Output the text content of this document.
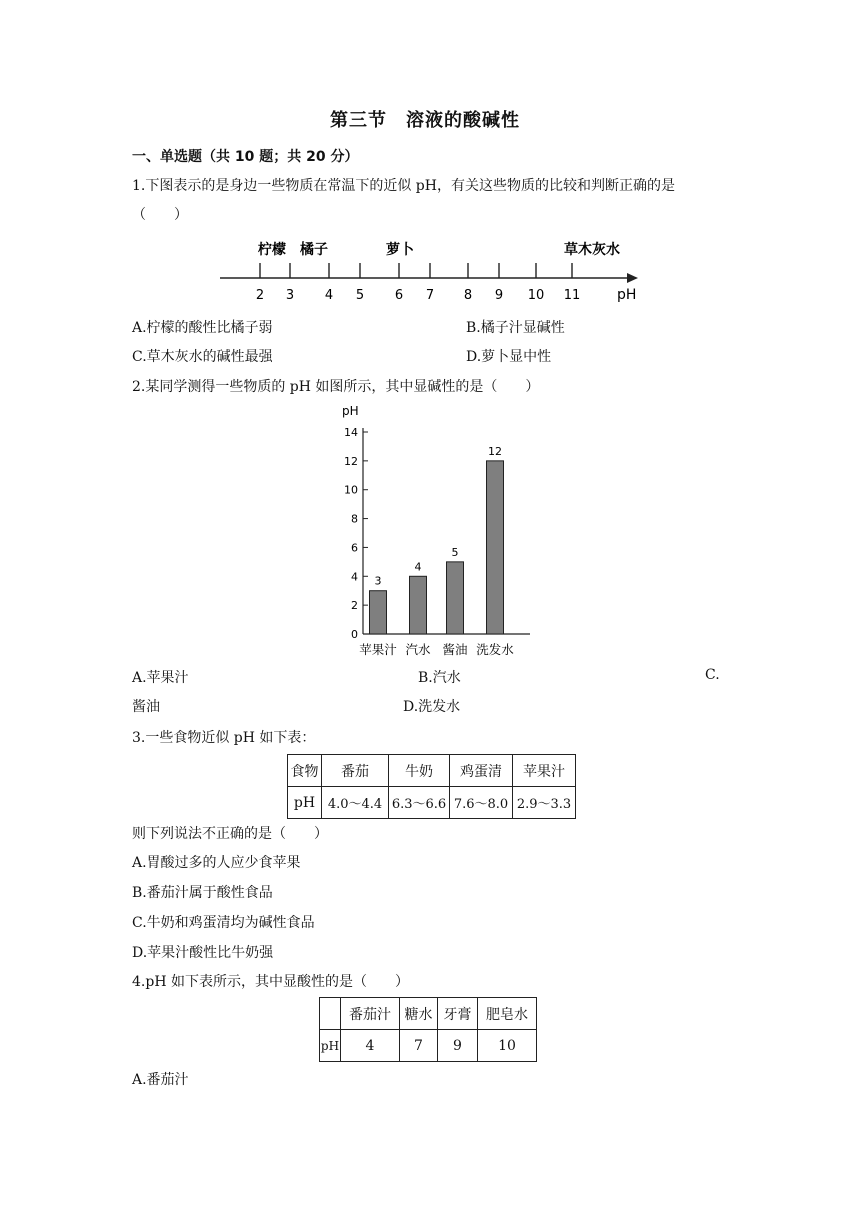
第三节　溶液的酸碱性
一、单选题（共 10 题；共 20 分）
1.下图表示的是身边一些物质在常温下的近似 pH，有关这些物质的比较和判断正确的是
（　　）
2 3 4 5 6 7 8 9 10 11
柠檬 橘子	萝卜	草木灰水
pH
A.柠檬的酸性比橘子弱	B.橘子汁显碱性
C.草木灰水的碱性最强	D.萝卜显中性
2.某同学测得一些物质的 pH 如图所示，其中显碱性的是（　　）
pH
0
2
4
6
8
10
12
14
3
苹果汁
4
汽水
5
酱油
12
洗发水
A.苹果汁	B.汽水	C.
酱油	D.洗发水
3.一些食物近似 pH 如下表：
食物	番茄	牛奶	鸡蛋清	苹果汁
pH	4.0～4.4	6.3～6.6	7.6～8.0	2.9～3.3
则下列说法不正确的是（　　）
A.胃酸过多的人应少食苹果
B.番茄汁属于酸性食品
C.牛奶和鸡蛋清均为碱性食品
D.苹果汁酸性比牛奶强
4.pH 如下表所示，其中显酸性的是（　　）
	番茄汁	糖水	牙膏	肥皂水
pH	4	7	9	10
A.番茄汁
